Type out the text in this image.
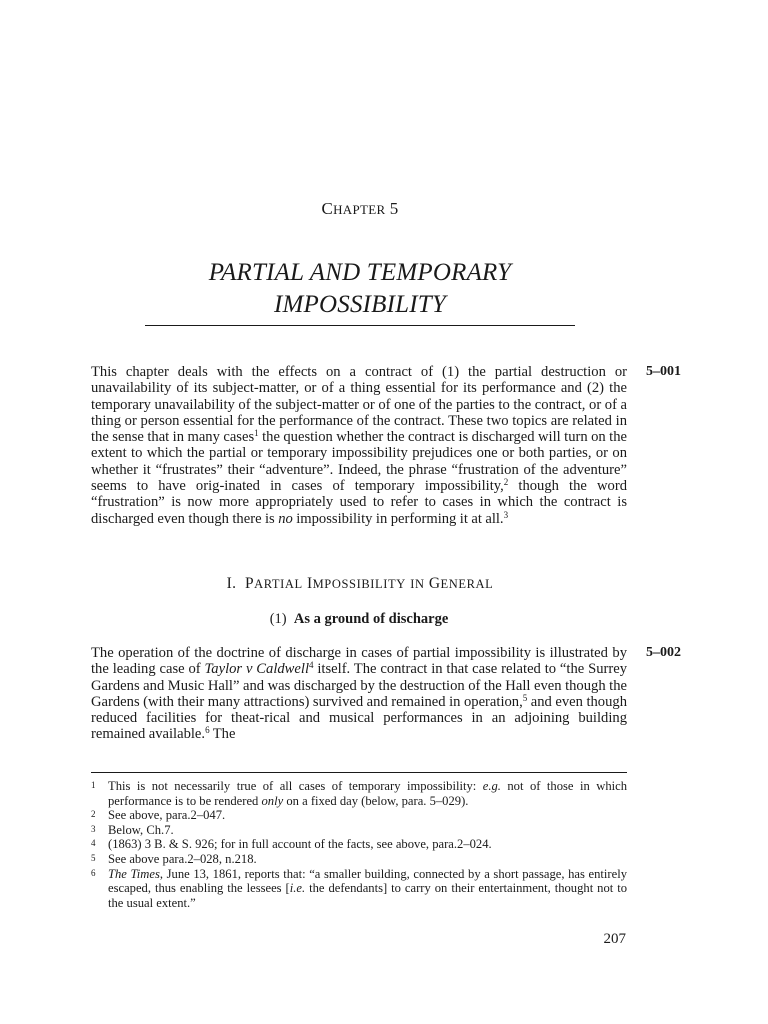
CHAPTER 5
PARTIAL AND TEMPORARY
IMPOSSIBILITY
This chapter deals with the effects on a contract of (1) the partial destruction or unavailability of its subject-matter, or of a thing essential for its performance and (2) the temporary unavailability of the subject-matter or of one of the parties to the contract, or of a thing or person essential for the performance of the contract. These two topics are related in the sense that in many cases$^1$ the question whether the contract is discharged will turn on the extent to which the partial or temporary impossibility prejudices one or both parties, or on whether it “frustrates” their “adventure”. Indeed, the phrase “frustration of the adventure” seems to have orig-inated in cases of temporary impossibility,$^2$ though the word “frustration” is now more appropriately used to refer to cases in which the contract is discharged even though there is no impossibility in performing it at all.$^3$
5–001
I. PARTIAL IMPOSSIBILITY IN GENERAL
(1) As a ground of discharge
The operation of the doctrine of discharge in cases of partial impossibility is illustrated by the leading case of Taylor v Caldwell$^4$ itself. The contract in that case related to “the Surrey Gardens and Music Hall” and was discharged by the destruction of the Hall even though the Gardens (with their many attractions) survived and remained in operation,$^5$ and even though reduced facilities for theat-rical and musical performances in an adjoining building remained available.$^6$ The
5–002
1 This is not necessarily true of all cases of temporary impossibility: e.g. not of those in which performance is to be rendered only on a fixed day (below, para. 5–029).
2 See above, para.2–047.
3 Below, Ch.7.
4 (1863) 3 B. & S. 926; for in full account of the facts, see above, para.2–024.
5 See above para.2–028, n.218.
6 The Times, June 13, 1861, reports that: “a smaller building, connected by a short passage, has entirely escaped, thus enabling the lessees [i.e. the defendants] to carry on their entertainment, thought not to the usual extent.”
207
